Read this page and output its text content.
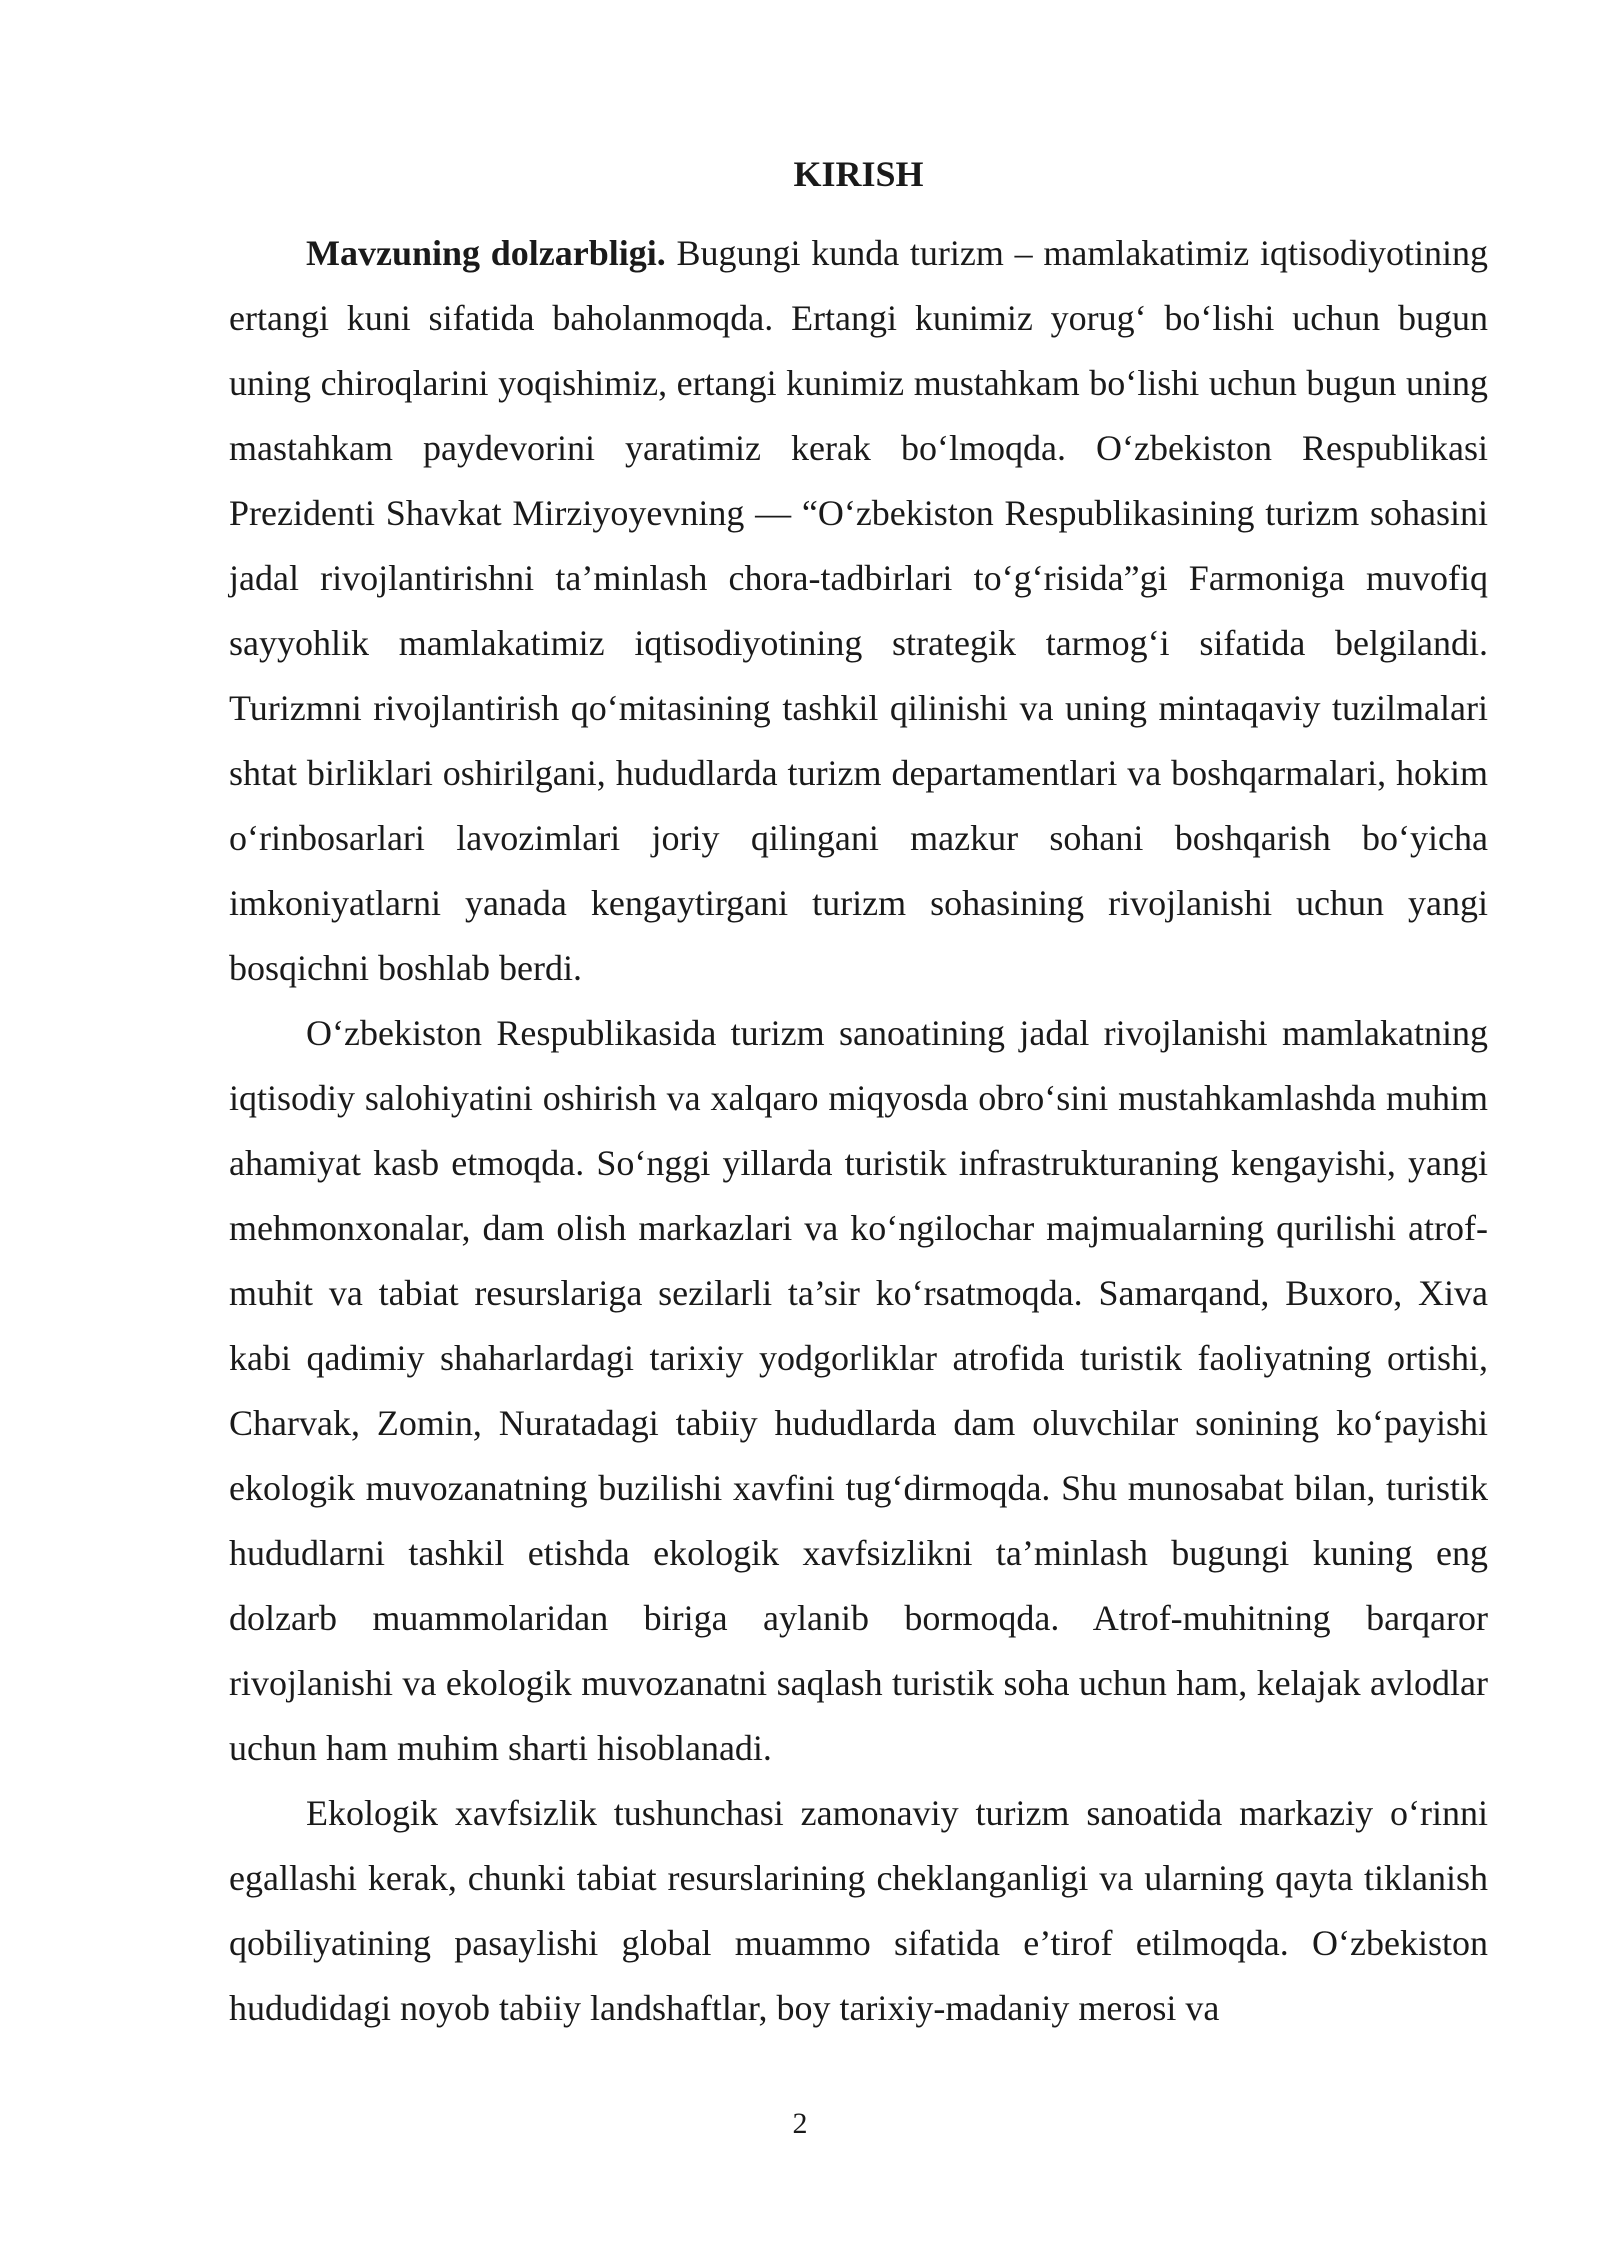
KIRISH

Mavzuning dolzarbligi. Bugungi kunda turizm – mamlakatimiz iqtisodiyotining ertangi kuni sifatida baholanmoqda. Ertangi kunimiz yorug‘ bo‘lishi uchun bugun uning chiroqlarini yoqishimiz, ertangi kunimiz mustahkam bo‘lishi uchun bugun uning mastahkam paydevorini yaratimiz kerak bo‘lmoqda. O‘zbekiston Respublikasi Prezidenti Shavkat Mirziyoyevning — “O‘zbekiston Respublikasining turizm sohasini jadal rivojlantirishni ta’minlash chora-tadbirlari to‘g‘risida”gi Farmoniga muvofiq sayyohlik mamlakatimiz iqtisodiyotining strategik tarmog‘i sifatida belgilandi. Turizmni rivojlantirish qo‘mitasining tashkil qilinishi va uning mintaqaviy tuzilmalari shtat birliklari oshirilgani, hududlarda turizm departamentlari va boshqarmalari, hokim o‘rinbosarlari lavozimlari joriy qilingani mazkur sohani boshqarish bo‘yicha imkoniyatlarni yanada kengaytirgani turizm sohasining rivojlanishi uchun yangi bosqichni boshlab berdi.

O‘zbekiston Respublikasida turizm sanoatining jadal rivojlanishi mamlakatning iqtisodiy salohiyatini oshirish va xalqaro miqyosda obro‘sini mustahkamlashda muhim ahamiyat kasb etmoqda. So‘nggi yillarda turistik infrastrukturaning kengayishi, yangi mehmonxonalar, dam olish markazlari va ko‘ngilochar majmualarning qurilishi atrof-muhit va tabiat resurslariga sezilarli ta’sir ko‘rsatmoqda. Samarqand, Buxoro, Xiva kabi qadimiy shaharlardagi tarixiy yodgorliklar atrofida turistik faoliyatning ortishi, Charvak, Zomin, Nuratadagi tabiiy hududlarda dam oluvchilar sonining ko‘payishi ekologik muvozanatning buzilishi xavfini tug‘dirmoqda. Shu munosabat bilan, turistik hududlarni tashkil etishda ekologik xavfsizlikni ta’minlash bugungi kuning eng dolzarb muammolaridan biriga aylanib bormoqda. Atrof-muhitning barqaror rivojlanishi va ekologik muvozanatni saqlash turistik soha uchun ham, kelajak avlodlar uchun ham muhim sharti hisoblanadi.

Ekologik xavfsizlik tushunchasi zamonaviy turizm sanoatida markaziy o‘rinni egallashi kerak, chunki tabiat resurslarining cheklanganligi va ularning qayta tiklanish qobiliyatining pasaylishi global muammo sifatida e’tirof etilmoqda. O‘zbekiston hududidagi noyob tabiiy landshaftlar, boy tarixiy-madaniy merosi va

2
